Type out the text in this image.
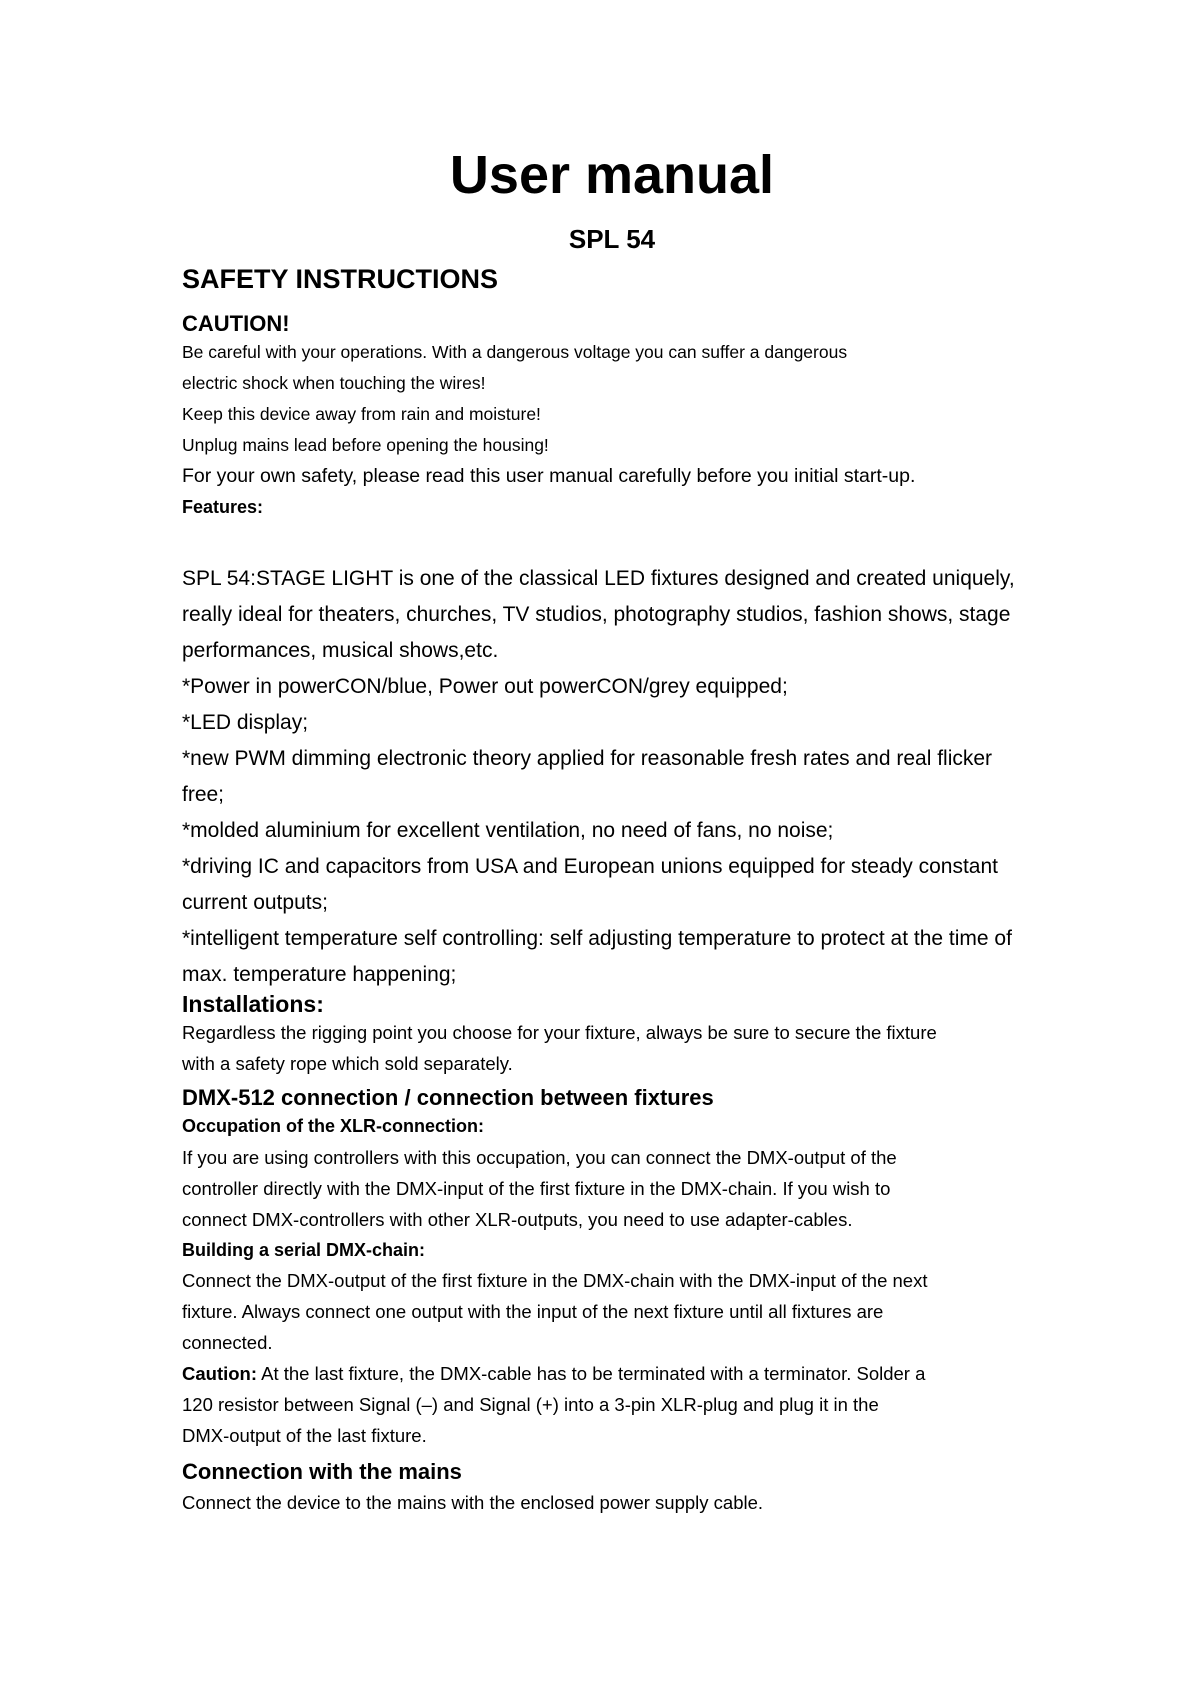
User manual
SPL 54
SAFETY INSTRUCTIONS
CAUTION!
Be careful with your operations. With a dangerous voltage you can suffer a dangerous
electric shock when touching the wires!
Keep this device away from rain and moisture!
Unplug mains lead before opening the housing!
For your own safety, please read this user manual carefully before you initial start-up.
Features:
SPL 54:STAGE LIGHT is one of the classical LED fixtures designed and created uniquely,
really ideal for theaters, churches, TV studios, photography studios, fashion shows, stage
performances, musical shows,etc.
*Power in powerCON/blue, Power out powerCON/grey equipped;
*LED display;
*new PWM dimming electronic theory applied for reasonable fresh rates and real flicker
free;
*molded aluminium for excellent ventilation, no need of fans, no noise;
*driving IC and capacitors from USA and European unions equipped for steady constant
current outputs;
*intelligent temperature self controlling: self adjusting temperature to protect at the time of
max. temperature happening;
Installations:
Regardless the rigging point you choose for your fixture, always be sure to secure the fixture
with a safety rope which sold separately.
DMX-512 connection / connection between fixtures
Occupation of the XLR-connection:
If you are using controllers with this occupation, you can connect the DMX-output of the
controller directly with the DMX-input of the first fixture in the DMX-chain. If you wish to
connect DMX-controllers with other XLR-outputs, you need to use adapter-cables.
Building a serial DMX-chain:
Connect the DMX-output of the first fixture in the DMX-chain with the DMX-input of the next
fixture. Always connect one output with the input of the next fixture until all fixtures are
connected.
Caution: At the last fixture, the DMX-cable has to be terminated with a terminator. Solder a
120 resistor between Signal (–) and Signal (+) into a 3-pin XLR-plug and plug it in the
DMX-output of the last fixture.
Connection with the mains
Connect the device to the mains with the enclosed power supply cable.
